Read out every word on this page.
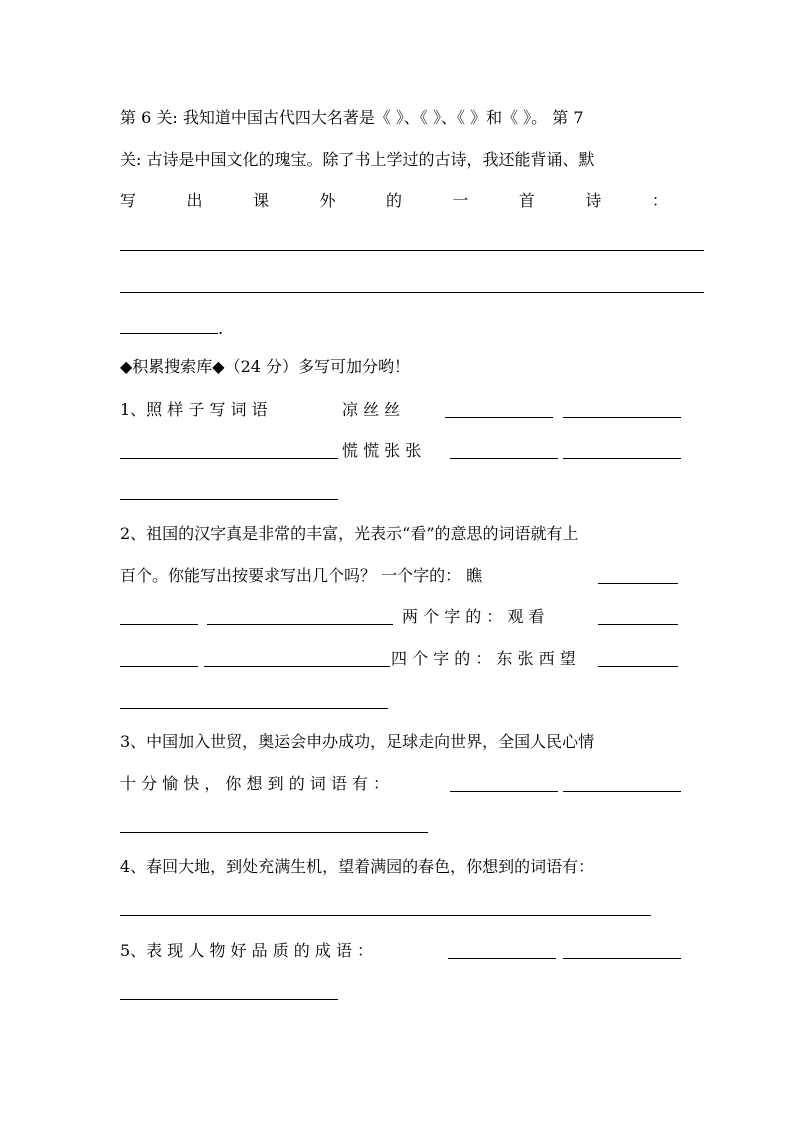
第 6 关: 我知道中国古代四大名著是《 》、《 》、《 》和《 》。 第 7
关: 古诗是中国文化的瑰宝。除了书上学过的古诗，我还能背诵、默
写	出	课	外	的	一	首	诗	：
.
◆积累搜索库◆（24 分）多写可加分哟！
1、照 样 子 写 词 语	凉 丝 丝
慌 慌 张 张
2、祖国的汉字真是非常的丰富，光表示“看”的意思的词语就有上
百个。你能写出按要求写出几个吗？ 一个字的： 瞧
两 个 字 的 ： 观 看
四 个 字 的 ： 东 张 西 望
3、中国加入世贸，奥运会申办成功，足球走向世界，全国人民心情
十 分 愉 快 ， 你 想 到 的 词 语 有 ：
4、春回大地，到处充满生机，望着满园的春色，你想到的词语有：
5、表 现 人 物 好 品 质 的 成 语 ：
